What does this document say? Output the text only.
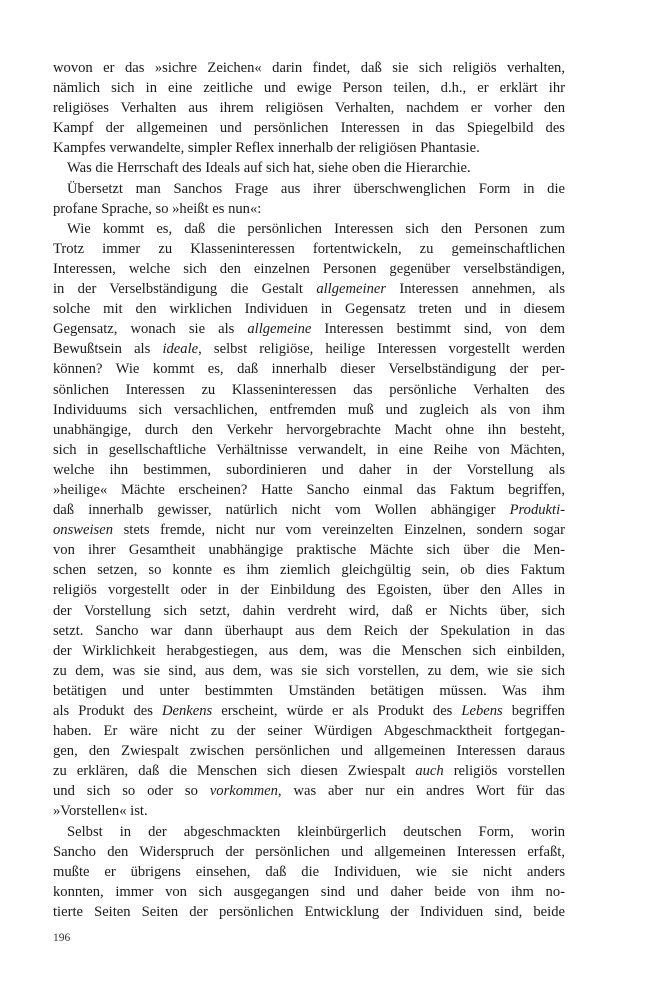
wovon er das »sichre Zeichen« darin findet, daß sie sich religiös verhalten,
nämlich sich in eine zeitliche und ewige Person teilen, d.h., er erklärt ihr
religiöses Verhalten aus ihrem religiösen Verhalten, nachdem er vorher den
Kampf der allgemeinen und persönlichen Interessen in das Spiegelbild des
Kampfes verwandelte, simpler Reflex innerhalb der religiösen Phantasie.
Was die Herrschaft des Ideals auf sich hat, siehe oben die Hierarchie.
Übersetzt man Sanchos Frage aus ihrer überschwenglichen Form in die
profane Sprache, so »heißt es nun«:
Wie kommt es, daß die persönlichen Interessen sich den Personen zum
Trotz immer zu Klasseninteressen fortentwickeln, zu gemeinschaftlichen
Interessen, welche sich den einzelnen Personen gegenüber verselbständigen,
in der Verselbständigung die Gestalt allgemeiner Interessen annehmen, als
solche mit den wirklichen Individuen in Gegensatz treten und in diesem
Gegensatz, wonach sie als allgemeine Interessen bestimmt sind, von dem
Bewußtsein als ideale, selbst religiöse, heilige Interessen vorgestellt werden
können? Wie kommt es, daß innerhalb dieser Verselbständigung der per-
sönlichen Interessen zu Klasseninteressen das persönliche Verhalten des
Individuums sich versachlichen, entfremden muß und zugleich als von ihm
unabhängige, durch den Verkehr hervorgebrachte Macht ohne ihn besteht,
sich in gesellschaftliche Verhältnisse verwandelt, in eine Reihe von Mächten,
welche ihn bestimmen, subordinieren und daher in der Vorstellung als
»heilige« Mächte erscheinen? Hatte Sancho einmal das Faktum begriffen,
daß innerhalb gewisser, natürlich nicht vom Wollen abhängiger Produkti-
onsweisen stets fremde, nicht nur vom vereinzelten Einzelnen, sondern sogar
von ihrer Gesamtheit unabhängige praktische Mächte sich über die Men-
schen setzen, so konnte es ihm ziemlich gleichgültig sein, ob dies Faktum
religiös vorgestellt oder in der Einbildung des Egoisten, über den Alles in
der Vorstellung sich setzt, dahin verdreht wird, daß er Nichts über, sich
setzt. Sancho war dann überhaupt aus dem Reich der Spekulation in das
der Wirklichkeit herabgestiegen, aus dem, was die Menschen sich einbilden,
zu dem, was sie sind, aus dem, was sie sich vorstellen, zu dem, wie sie sich
betätigen und unter bestimmten Umständen betätigen müssen. Was ihm
als Produkt des Denkens erscheint, würde er als Produkt des Lebens begriffen
haben. Er wäre nicht zu der seiner Würdigen Abgeschmacktheit fortgegan-
gen, den Zwiespalt zwischen persönlichen und allgemeinen Interessen daraus
zu erklären, daß die Menschen sich diesen Zwiespalt auch religiös vorstellen
und sich so oder so vorkommen, was aber nur ein andres Wort für das
»Vorstellen« ist.
Selbst in der abgeschmackten kleinbürgerlich deutschen Form, worin
Sancho den Widerspruch der persönlichen und allgemeinen Interessen erfaßt,
mußte er übrigens einsehen, daß die Individuen, wie sie nicht anders
konnten, immer von sich ausgegangen sind und daher beide von ihm no-
tierte Seiten Seiten der persönlichen Entwicklung der Individuen sind, beide
196
